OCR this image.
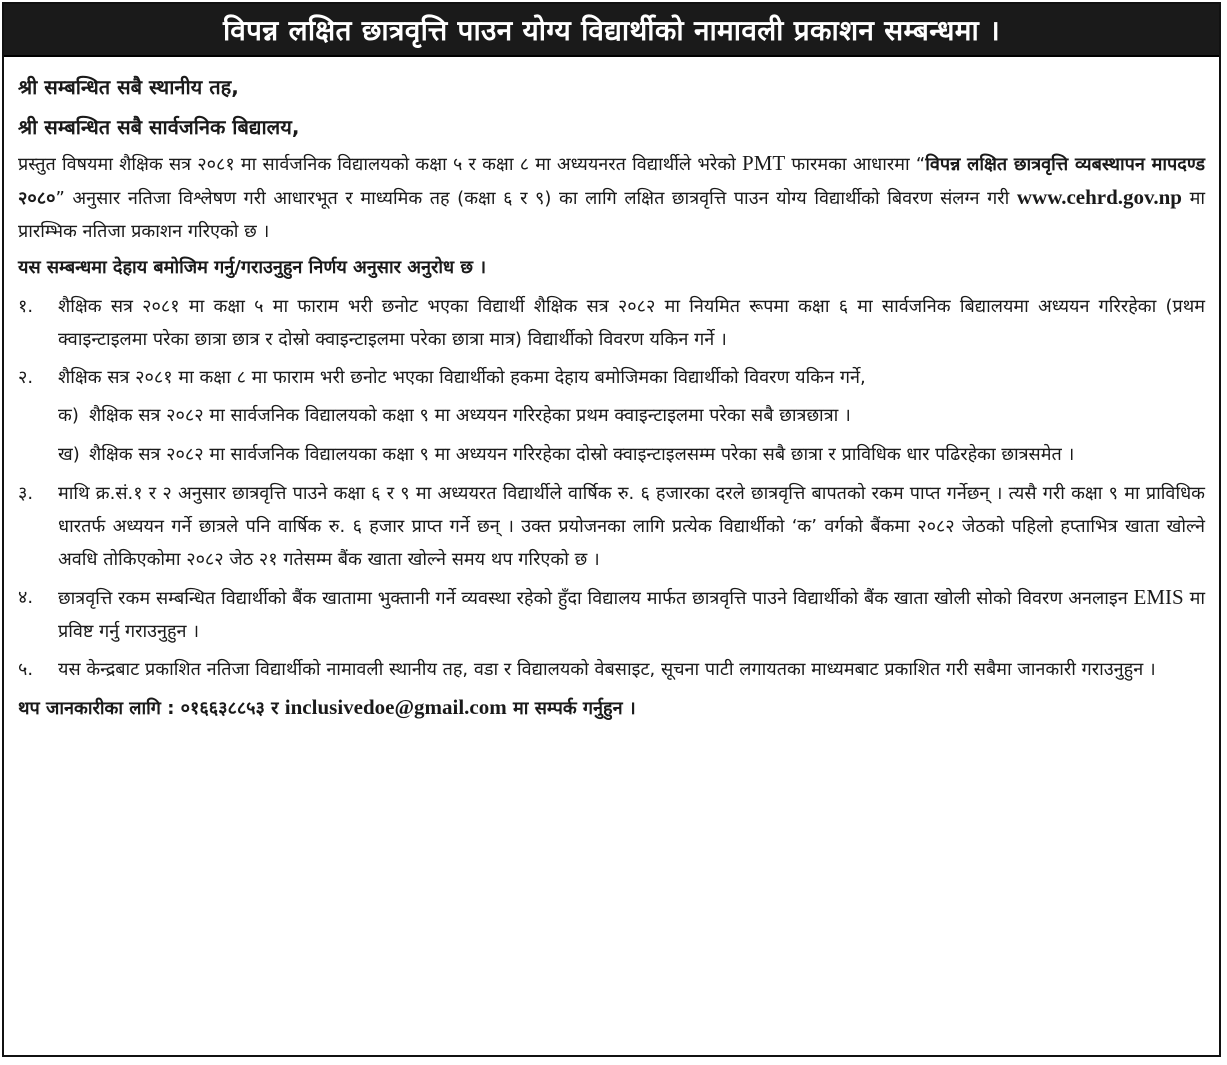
विपन्न लक्षित छात्रवृत्ति पाउन योग्य विद्यार्थीको नामावली प्रकाशन सम्बन्धमा ।
श्री सम्बन्धित सबै स्थानीय तह,
श्री सम्बन्धित सबै सार्वजनिक बिद्यालय,

प्रस्तुत विषयमा शैक्षिक सत्र २०८१ मा सार्वजनिक विद्यालयको कक्षा ५ र कक्षा ८ मा अध्ययनरत विद्यार्थीले भरेको PMT फारमका आधारमा “विपन्न लक्षित छात्रवृत्ति व्यबस्थापन मापदण्ड २०८०” अनुसार नतिजा विश्लेषण गरी आधारभूत र माध्यमिक तह (कक्षा ६ र ९) का लागि लक्षित छात्रवृत्ति पाउन योग्य विद्यार्थीको बिवरण संलग्न गरी www.cehrd.gov.np मा प्रारम्भिक नतिजा प्रकाशन गरिएको छ ।

यस सम्बन्धमा देहाय बमोजिम गर्नु/गराउनुहुन निर्णय अनुसार अनुरोध छ ।
१.	शैक्षिक सत्र २०८१ मा कक्षा ५ मा फाराम भरी छनोट भएका विद्यार्थी शैक्षिक सत्र २०८२ मा नियमित रूपमा कक्षा ६ मा सार्वजनिक बिद्यालयमा अध्ययन गरिरहेका (प्रथम क्वाइन्टाइलमा परेका छात्रा छात्र र दोस्रो क्वाइन्टाइलमा परेका छात्रा मात्र) विद्यार्थीको विवरण यकिन गर्ने ।
२.	शैक्षिक सत्र २०८१ मा कक्षा ८ मा फाराम भरी छनोट भएका विद्यार्थीको हकमा देहाय बमोजिमका विद्यार्थीको विवरण यकिन गर्ने,
क) शैक्षिक सत्र २०८२ मा सार्वजनिक विद्यालयको कक्षा ९ मा अध्ययन गरिरहेका प्रथम क्वाइन्टाइलमा परेका सबै छात्रछात्रा ।
ख) शैक्षिक सत्र २०८२ मा सार्वजनिक विद्यालयका कक्षा ९ मा अध्ययन गरिरहेका दोस्रो क्वाइन्टाइलसम्म परेका सबै छात्रा र प्राविधिक धार पढिरहेका छात्रसमेत ।
३.	माथि क्र.सं.१ र २ अनुसार छात्रवृत्ति पाउने कक्षा ६ र ९ मा अध्ययरत विद्यार्थीले वार्षिक रु. ६ हजारका दरले छात्रवृत्ति बापतको रकम पाप्त गर्नेछन् । त्यसै गरी कक्षा ९ मा प्राविधिक धारतर्फ अध्ययन गर्ने छात्रले पनि वार्षिक रु. ६ हजार प्राप्त गर्ने छन् । उक्त प्रयोजनका लागि प्रत्येक विद्यार्थीको ‘क’ वर्गको बैंकमा २०८२ जेठको पहिलो हप्ताभित्र खाता खोल्ने अवधि तोकिएकोमा २०८२ जेठ २१ गतेसम्म बैंक खाता खोल्ने समय थप गरिएको छ ।
४.	छात्रवृत्ति रकम सम्बन्धित विद्यार्थीको बैंक खातामा भुक्तानी गर्ने व्यवस्था रहेको हुँदा विद्यालय मार्फत छात्रवृत्ति पाउने विद्यार्थीको बैंक खाता खोली सोको विवरण अनलाइन EMIS मा प्रविष्ट गर्नु गराउनुहुन ।
५.	यस केन्द्रबाट प्रकाशित नतिजा विद्यार्थीको नामावली स्थानीय तह, वडा र विद्यालयको वेबसाइट, सूचना पाटी लगायतका माध्यमबाट प्रकाशित गरी सबैमा जानकारी गराउनुहुन ।
थप जानकारीका लागि : ०१६६३८८५३ र inclusivedoe@gmail.com मा सम्पर्क गर्नुहुन ।
